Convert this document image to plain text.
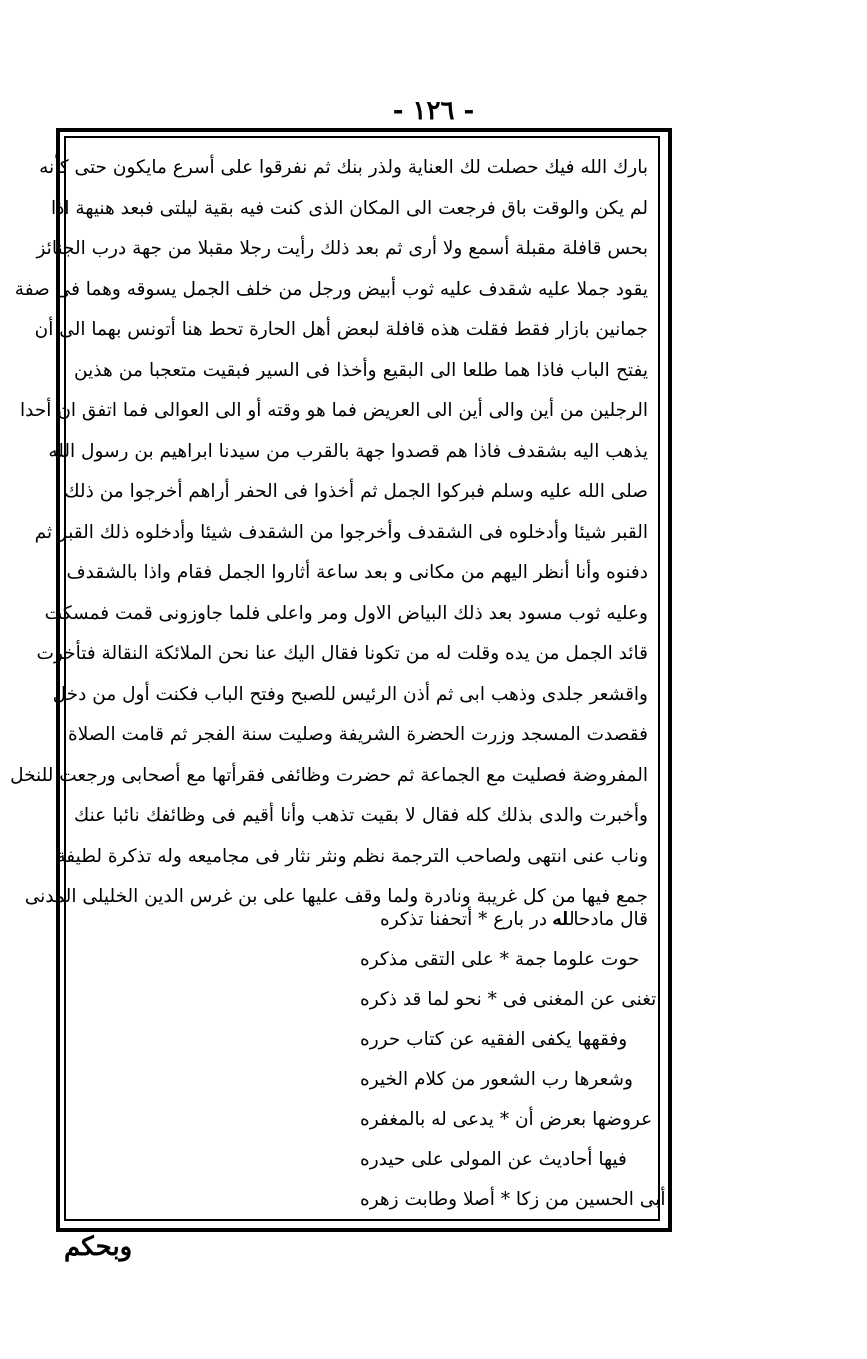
- ١٢٦ -
بارك الله فيك حصلت لك العناية ولذر بنك ثم نفرقوا على أسرع مايكون حتى كأنه
لم يكن والوقت باق فرجعت الى المكان الذى كنت فيه بقية ليلتى فبعد هنيهة اذا
بحس قافلة مقبلة أسمع ولا أرى ثم بعد ذلك رأيت رجلا مقبلا من جهة درب الجنائز
يقود جملا عليه شقدف عليه ثوب أبيض ورجل من خلف الجمل يسوقه وهما فى صفة
جمانين بازار فقط فقلت هذه قافلة لبعض أهل الحارة تحط هنا أتونس بهما الى أن
يفتح الباب فاذا هما طلعا الى البقيع وأخذا فى السير فبقيت متعجبا من هذين
الرجلين من أين والى أين الى العريض فما هو وقته أو الى العوالى فما اتفق ان أحدا
يذهب اليه بشقدف فاذا هم قصدوا جهة بالقرب من سيدنا ابراهيم بن رسول الله
صلى الله عليه وسلم فبركوا الجمل ثم أخذوا فى الحفر أراهم أخرجوا من ذلك
القبر شيئا وأدخلوه فى الشقدف وأخرجوا من الشقدف شيئا وأدخلوه ذلك القبر ثم
دفنوه وأنا أنظر اليهم من مكانى و بعد ساعة أثاروا الجمل فقام واذا بالشقدف
وعليه ثوب مسود بعد ذلك البياض الاول ومر واعلى فلما جاوزونى قمت فمسكت
قائد الجمل من يده وقلت له من تكونا فقال اليك عنا نحن الملائكة النقالة فتأخرت
واقشعر جلدى وذهب ابى ثم أذن الرئيس للصبح وفتح الباب فكنت أول من دخل
فقصدت المسجد وزرت الحضرة الشريفة وصليت سنة الفجر ثم قامت الصلاة
المفروضة فصليت مع الجماعة ثم حضرت وظائفى فقرأتها مع أصحابى ورجعت للنخل
وأخبرت والدى بذلك كله فقال لا بقيت تذهب وأنا أقيم فى وظائفك نائبا عنك
وناب عنى انتهى ولصاحب الترجمة نظم ونثر نثار فى مجاميعه وله تذكرة لطيفة
جمع فيها من كل غريبة ونادرة ولما وقف عليها على بن غرس الدين الخليلى المدنى
قال مادحا له
لله در بارع * أتحفنا تذكره
حوت علوما جمة * على التقى مذكره
تغنى عن المغنى فى * نحو لما قد ذكره
وفقهها يكفى الفقيه عن كتاب حرره
وشعرها رب الشعور من كلام الخيره
عروضها بعرض أن * يدعى له بالمغفره
فيها أحاديث عن المولى على حيدره
أبى الحسين من زكا * أصلا وطابت زهره
وبحكم
